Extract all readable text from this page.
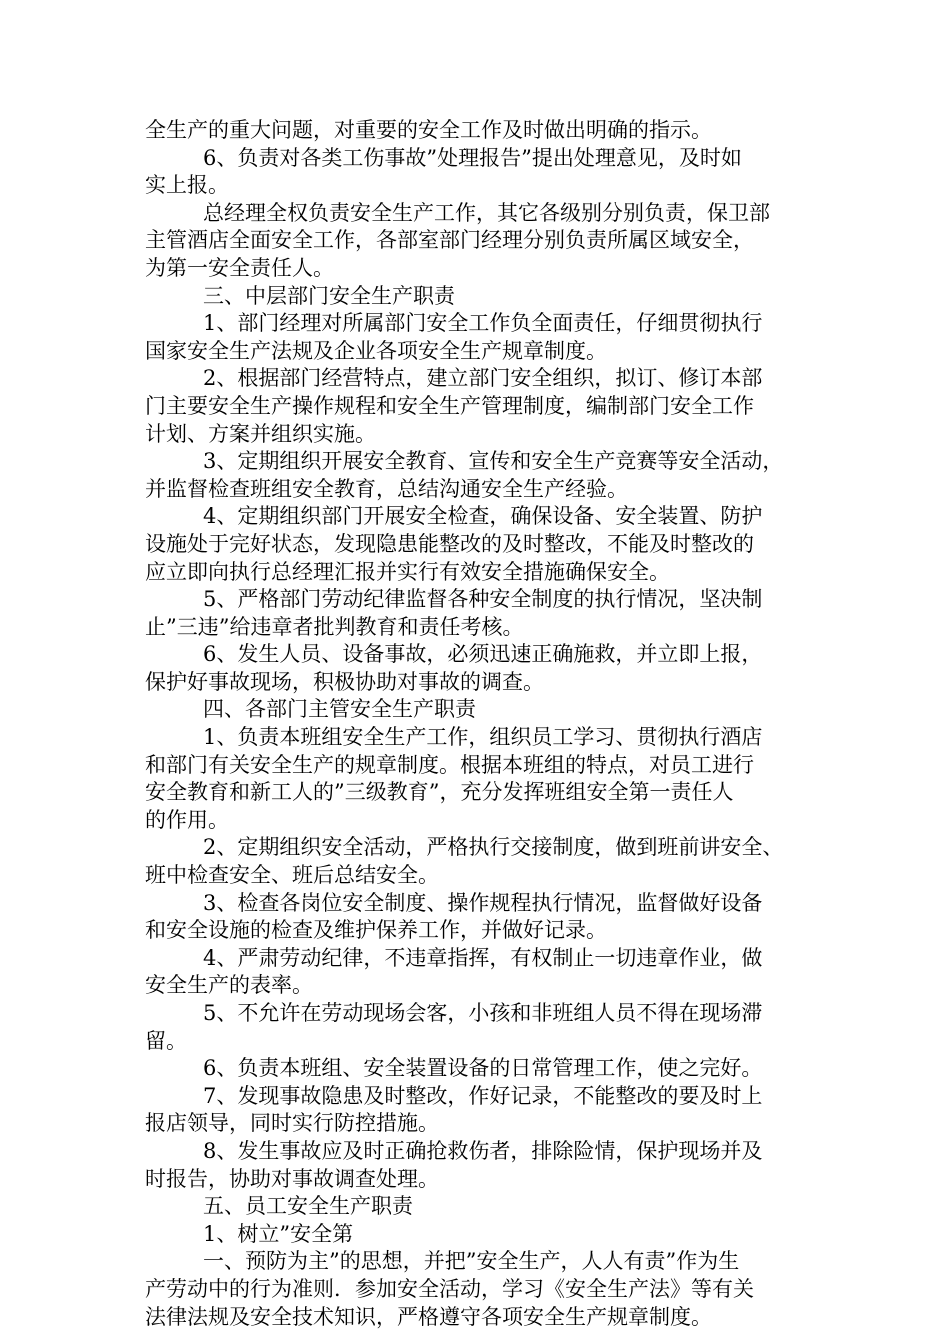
全生产的重大问题，对重要的安全工作及时做出明确的指示。
6、负责对各类工伤事故”处理报告”提出处理意见，及时如
实上报。
总经理全权负责安全生产工作，其它各级别分别负责，保卫部
主管酒店全面安全工作，各部室部门经理分别负责所属区域安全，
为第一安全责任人。
三、中层部门安全生产职责
1、部门经理对所属部门安全工作负全面责任，仔细贯彻执行
国家安全生产法规及企业各项安全生产规章制度。
2、根据部门经营特点，建立部门安全组织，拟订、修订本部
门主要安全生产操作规程和安全生产管理制度，编制部门安全工作
计划、方案并组织实施。
3、定期组织开展安全教育、宣传和安全生产竞赛等安全活动，
并监督检查班组安全教育，总结沟通安全生产经验。
4、定期组织部门开展安全检查，确保设备、安全装置、防护
设施处于完好状态，发现隐患能整改的及时整改，不能及时整改的
应立即向执行总经理汇报并实行有效安全措施确保安全。
5、严格部门劳动纪律监督各种安全制度的执行情况，坚决制
止”三违”给违章者批判教育和责任考核。
6、发生人员、设备事故，必须迅速正确施救，并立即上报，
保护好事故现场，积极协助对事故的调查。
四、各部门主管安全生产职责
1、负责本班组安全生产工作，组织员工学习、贯彻执行酒店
和部门有关安全生产的规章制度。根据本班组的特点，对员工进行
安全教育和新工人的”三级教育”，充分发挥班组安全第一责任人
的作用。
2、定期组织安全活动，严格执行交接制度，做到班前讲安全、
班中检查安全、班后总结安全。
3、检查各岗位安全制度、操作规程执行情况，监督做好设备
和安全设施的检查及维护保养工作，并做好记录。
4、严肃劳动纪律，不违章指挥，有权制止一切违章作业，做
安全生产的表率。
5、不允许在劳动现场会客，小孩和非班组人员不得在现场滞
留。
6、负责本班组、安全装置设备的日常管理工作，使之完好。
7、发现事故隐患及时整改，作好记录，不能整改的要及时上
报店领导，同时实行防控措施。
8、发生事故应及时正确抢救伤者，排除险情，保护现场并及
时报告，协助对事故调查处理。
五、员工安全生产职责
1、树立”安全第
一、预防为主”的思想，并把”安全生产，人人有责”作为生
产劳动中的行为准则．参加安全活动，学习《安全生产法》等有关
法律法规及安全技术知识，严格遵守各项安全生产规章制度。
